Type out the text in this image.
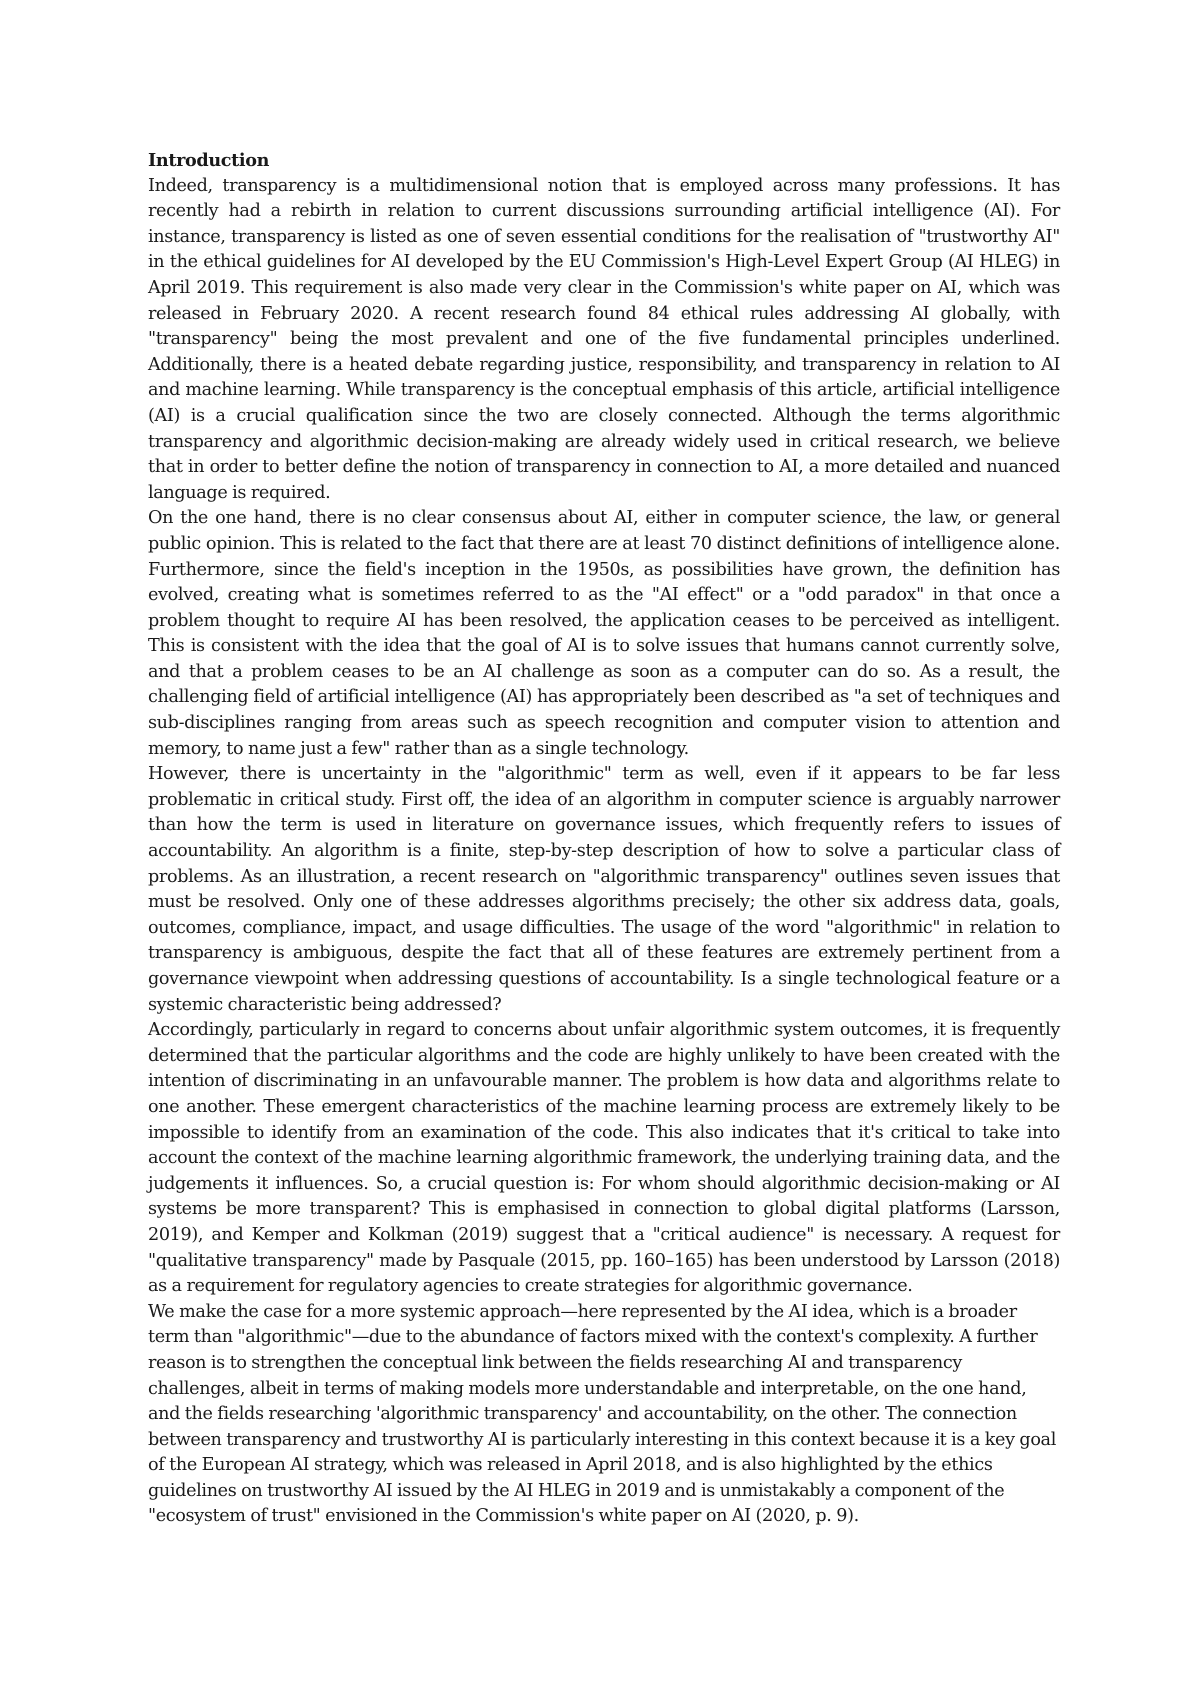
Introduction

Indeed, transparency is a multidimensional notion that is employed across many professions. It has recently had a rebirth in relation to current discussions surrounding artificial intelligence (AI). For instance, transparency is listed as one of seven essential conditions for the realisation of "trustworthy AI" in the ethical guidelines for AI developed by the EU Commission's High-Level Expert Group (AI HLEG) in April 2019. This requirement is also made very clear in the Commission's white paper on AI, which was released in February 2020. A recent research found 84 ethical rules addressing AI globally, with "transparency" being the most prevalent and one of the five fundamental principles underlined. Additionally, there is a heated debate regarding justice, responsibility, and transparency in relation to AI and machine learning. While transparency is the conceptual emphasis of this article, artificial intelligence (AI) is a crucial qualification since the two are closely connected. Although the terms algorithmic transparency and algorithmic decision-making are already widely used in critical research, we believe that in order to better define the notion of transparency in connection to AI, a more detailed and nuanced language is required.

On the one hand, there is no clear consensus about AI, either in computer science, the law, or general public opinion. This is related to the fact that there are at least 70 distinct definitions of intelligence alone. Furthermore, since the field's inception in the 1950s, as possibilities have grown, the definition has evolved, creating what is sometimes referred to as the "AI effect" or a "odd paradox" in that once a problem thought to require AI has been resolved, the application ceases to be perceived as intelligent. This is consistent with the idea that the goal of AI is to solve issues that humans cannot currently solve, and that a problem ceases to be an AI challenge as soon as a computer can do so. As a result, the challenging field of artificial intelligence (AI) has appropriately been described as "a set of techniques and sub-disciplines ranging from areas such as speech recognition and computer vision to attention and memory, to name just a few" rather than as a single technology.

However, there is uncertainty in the "algorithmic" term as well, even if it appears to be far less problematic in critical study. First off, the idea of an algorithm in computer science is arguably narrower than how the term is used in literature on governance issues, which frequently refers to issues of accountability. An algorithm is a finite, step-by-step description of how to solve a particular class of problems. As an illustration, a recent research on "algorithmic transparency" outlines seven issues that must be resolved. Only one of these addresses algorithms precisely; the other six address data, goals, outcomes, compliance, impact, and usage difficulties. The usage of the word "algorithmic" in relation to transparency is ambiguous, despite the fact that all of these features are extremely pertinent from a governance viewpoint when addressing questions of accountability. Is a single technological feature or a systemic characteristic being addressed?

Accordingly, particularly in regard to concerns about unfair algorithmic system outcomes, it is frequently determined that the particular algorithms and the code are highly unlikely to have been created with the intention of discriminating in an unfavourable manner. The problem is how data and algorithms relate to one another. These emergent characteristics of the machine learning process are extremely likely to be impossible to identify from an examination of the code. This also indicates that it's critical to take into account the context of the machine learning algorithmic framework, the underlying training data, and the judgements it influences. So, a crucial question is: For whom should algorithmic decision-making or AI systems be more transparent? This is emphasised in connection to global digital platforms (Larsson, 2019), and Kemper and Kolkman (2019) suggest that a "critical audience" is necessary. A request for "qualitative transparency" made by Pasquale (2015, pp. 160–165) has been understood by Larsson (2018) as a requirement for regulatory agencies to create strategies for algorithmic governance.

We make the case for a more systemic approach—here represented by the AI idea, which is a broader term than "algorithmic"—due to the abundance of factors mixed with the context's complexity. A further reason is to strengthen the conceptual link between the fields researching AI and transparency challenges, albeit in terms of making models more understandable and interpretable, on the one hand, and the fields researching 'algorithmic transparency' and accountability, on the other. The connection between transparency and trustworthy AI is particularly interesting in this context because it is a key goal of the European AI strategy, which was released in April 2018, and is also highlighted by the ethics guidelines on trustworthy AI issued by the AI HLEG in 2019 and is unmistakably a component of the "ecosystem of trust" envisioned in the Commission's white paper on AI (2020, p. 9).
